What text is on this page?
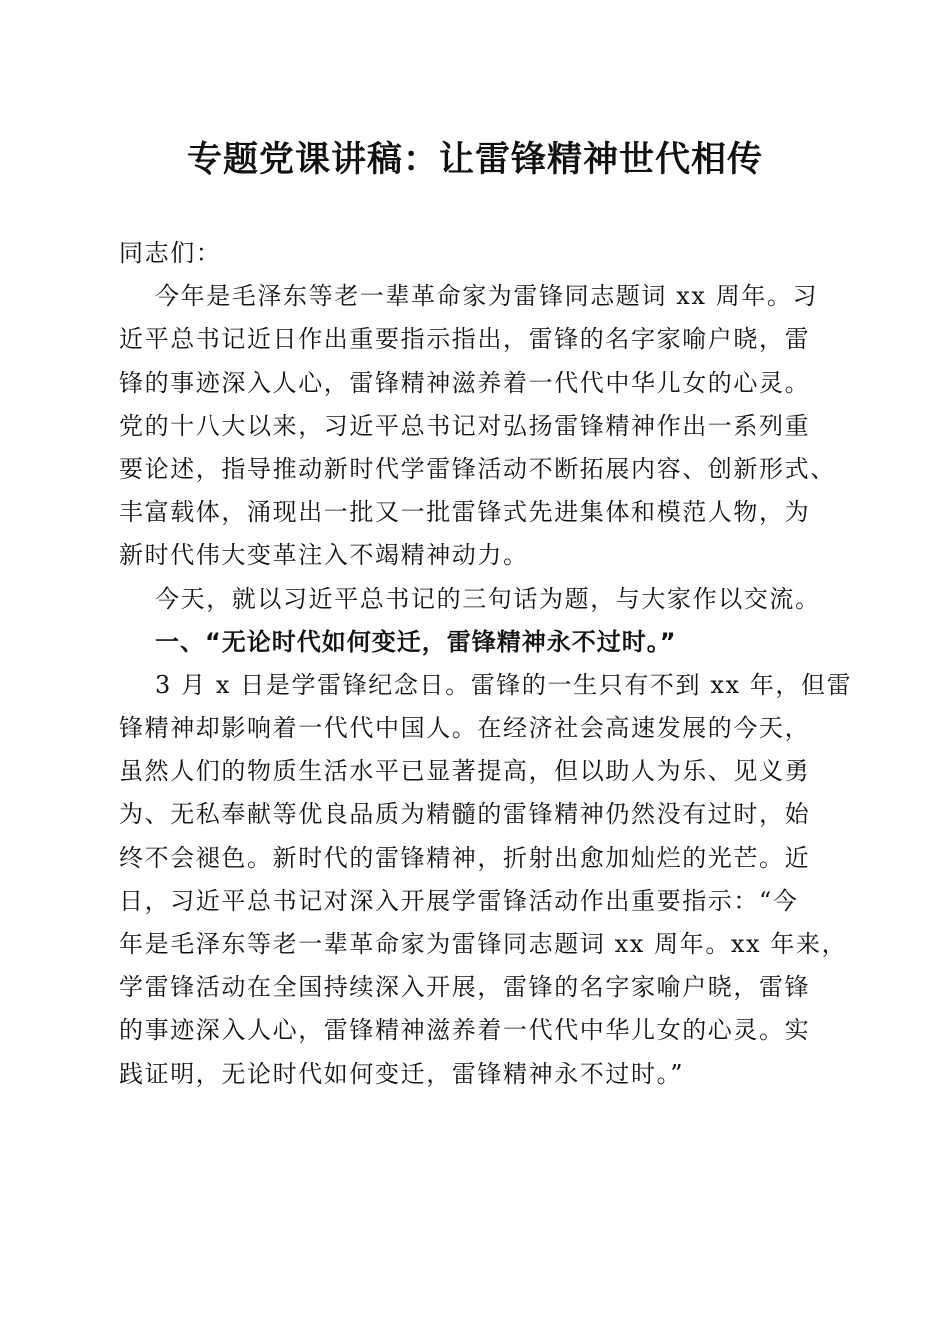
专题党课讲稿：让雷锋精神世代相传
同志们：
今年是毛泽东等老一辈革命家为雷锋同志题词 xx 周年。习
近平总书记近日作出重要指示指出，雷锋的名字家喻户晓，雷
锋的事迹深入人心，雷锋精神滋养着一代代中华儿女的心灵。
党的十八大以来，习近平总书记对弘扬雷锋精神作出一系列重
要论述，指导推动新时代学雷锋活动不断拓展内容、创新形式、
丰富载体，涌现出一批又一批雷锋式先进集体和模范人物，为
新时代伟大变革注入不竭精神动力。
今天，就以习近平总书记的三句话为题，与大家作以交流。
一、“无论时代如何变迁，雷锋精神永不过时。”
3 月 x 日是学雷锋纪念日。雷锋的一生只有不到 xx 年，但雷
锋精神却影响着一代代中国人。在经济社会高速发展的今天，
虽然人们的物质生活水平已显著提高，但以助人为乐、见义勇
为、无私奉献等优良品质为精髓的雷锋精神仍然没有过时，始
终不会褪色。新时代的雷锋精神，折射出愈加灿烂的光芒。近
日，习近平总书记对深入开展学雷锋活动作出重要指示：“今
年是毛泽东等老一辈革命家为雷锋同志题词 xx 周年。xx 年来，
学雷锋活动在全国持续深入开展，雷锋的名字家喻户晓，雷锋
的事迹深入人心，雷锋精神滋养着一代代中华儿女的心灵。实
践证明，无论时代如何变迁，雷锋精神永不过时。”
